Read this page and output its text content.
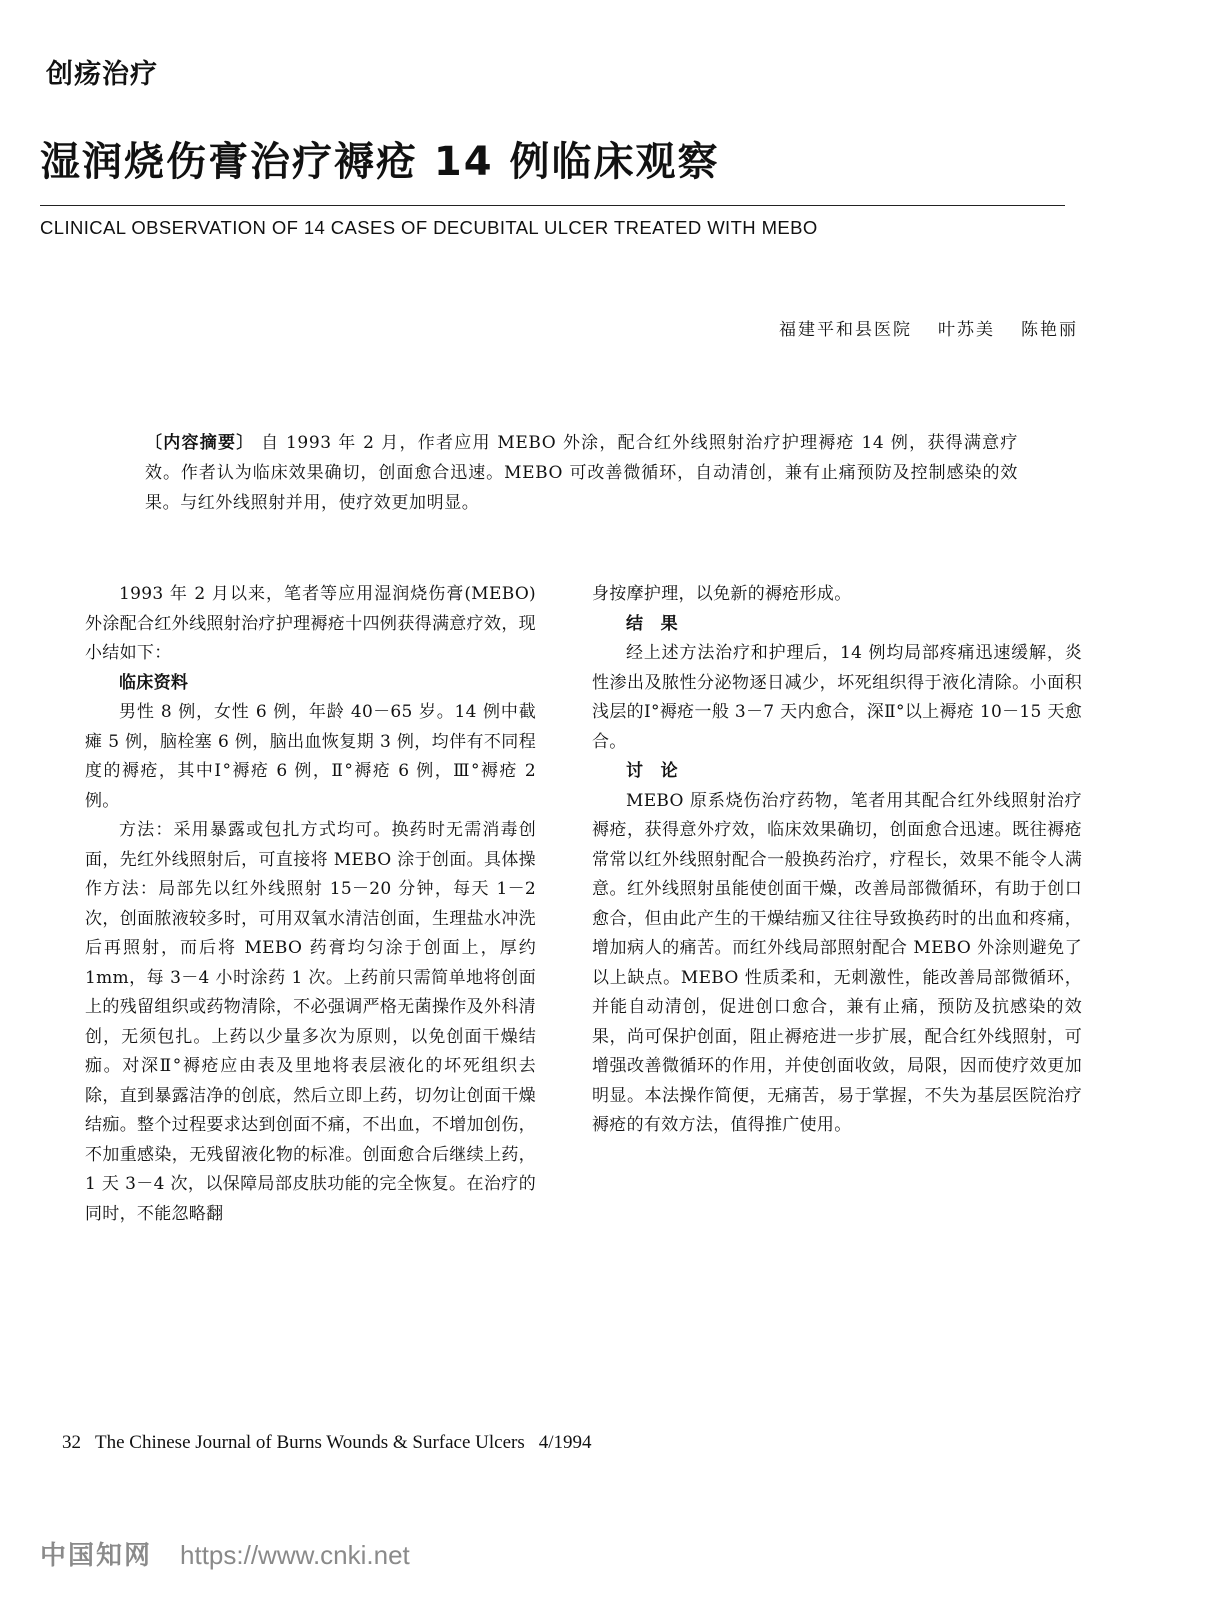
创疡治疗
湿润烧伤膏治疗褥疮 14 例临床观察
CLINICAL OBSERVATION OF 14 CASES OF DECUBITAL ULCER TREATED WITH MEBO
福建平和县医院 叶苏美 陈艳丽
〔内容摘要〕 自 1993 年 2 月，作者应用 MEBO 外涂，配合红外线照射治疗护理褥疮 14 例，获得满意疗效。作者认为临床效果确切，创面愈合迅速。MEBO 可改善微循环，自动清创，兼有止痛预防及控制感染的效果。与红外线照射并用，使疗效更加明显。

1993 年 2 月以来，笔者等应用湿润烧伤膏(MEBO)外涂配合红外线照射治疗护理褥疮十四例获得满意疗效，现小结如下：

临床资料

男性 8 例，女性 6 例，年龄 40－65 岁。14 例中截瘫 5 例，脑栓塞 6 例，脑出血恢复期 3 例，均伴有不同程度的褥疮，其中Ⅰ°褥疮 6 例，Ⅱ°褥疮 6 例，Ⅲ°褥疮 2 例。

方法：采用暴露或包扎方式均可。换药时无需消毒创面，先红外线照射后，可直接将 MEBO 涂于创面。具体操作方法：局部先以红外线照射 15－20 分钟，每天 1－2 次，创面脓液较多时，可用双氧水清洁创面，生理盐水冲洗后再照射，而后将 MEBO 药膏均匀涂于创面上，厚约 1mm，每 3－4 小时涂药 1 次。上药前只需简单地将创面上的残留组织或药物清除，不必强调严格无菌操作及外科清创，无须包扎。上药以少量多次为原则，以免创面干燥结痂。对深Ⅱ°褥疮应由表及里地将表层液化的坏死组织去除，直到暴露洁净的创底，然后立即上药，切勿让创面干燥结痂。整个过程要求达到创面不痛，不出血，不增加创伤，不加重感染，无残留液化物的标准。创面愈合后继续上药，1 天 3－4 次，以保障局部皮肤功能的完全恢复。在治疗的同时，不能忽略翻

身按摩护理，以免新的褥疮形成。

结　果

经上述方法治疗和护理后，14 例均局部疼痛迅速缓解，炎性渗出及脓性分泌物逐日减少，坏死组织得于液化清除。小面积浅层的Ⅰ°褥疮一般 3－7 天内愈合，深Ⅱ°以上褥疮 10－15 天愈合。

讨　论

MEBO 原系烧伤治疗药物，笔者用其配合红外线照射治疗褥疮，获得意外疗效，临床效果确切，创面愈合迅速。既往褥疮常常以红外线照射配合一般换药治疗，疗程长，效果不能令人满意。红外线照射虽能使创面干燥，改善局部微循环，有助于创口愈合，但由此产生的干燥结痂又往往导致换药时的出血和疼痛，增加病人的痛苦。而红外线局部照射配合 MEBO 外涂则避免了以上缺点。MEBO 性质柔和，无刺激性，能改善局部微循环，并能自动清创，促进创口愈合，兼有止痛，预防及抗感染的效果，尚可保护创面，阻止褥疮进一步扩展，配合红外线照射，可增强改善微循环的作用，并使创面收敛，局限，因而使疗效更加明显。本法操作简便，无痛苦，易于掌握，不失为基层医院治疗褥疮的有效方法，值得推广使用。

32 The Chinese Journal of Burns Wounds & Surface Ulcers 4/1994
中国知网 https://www.cnki.net
